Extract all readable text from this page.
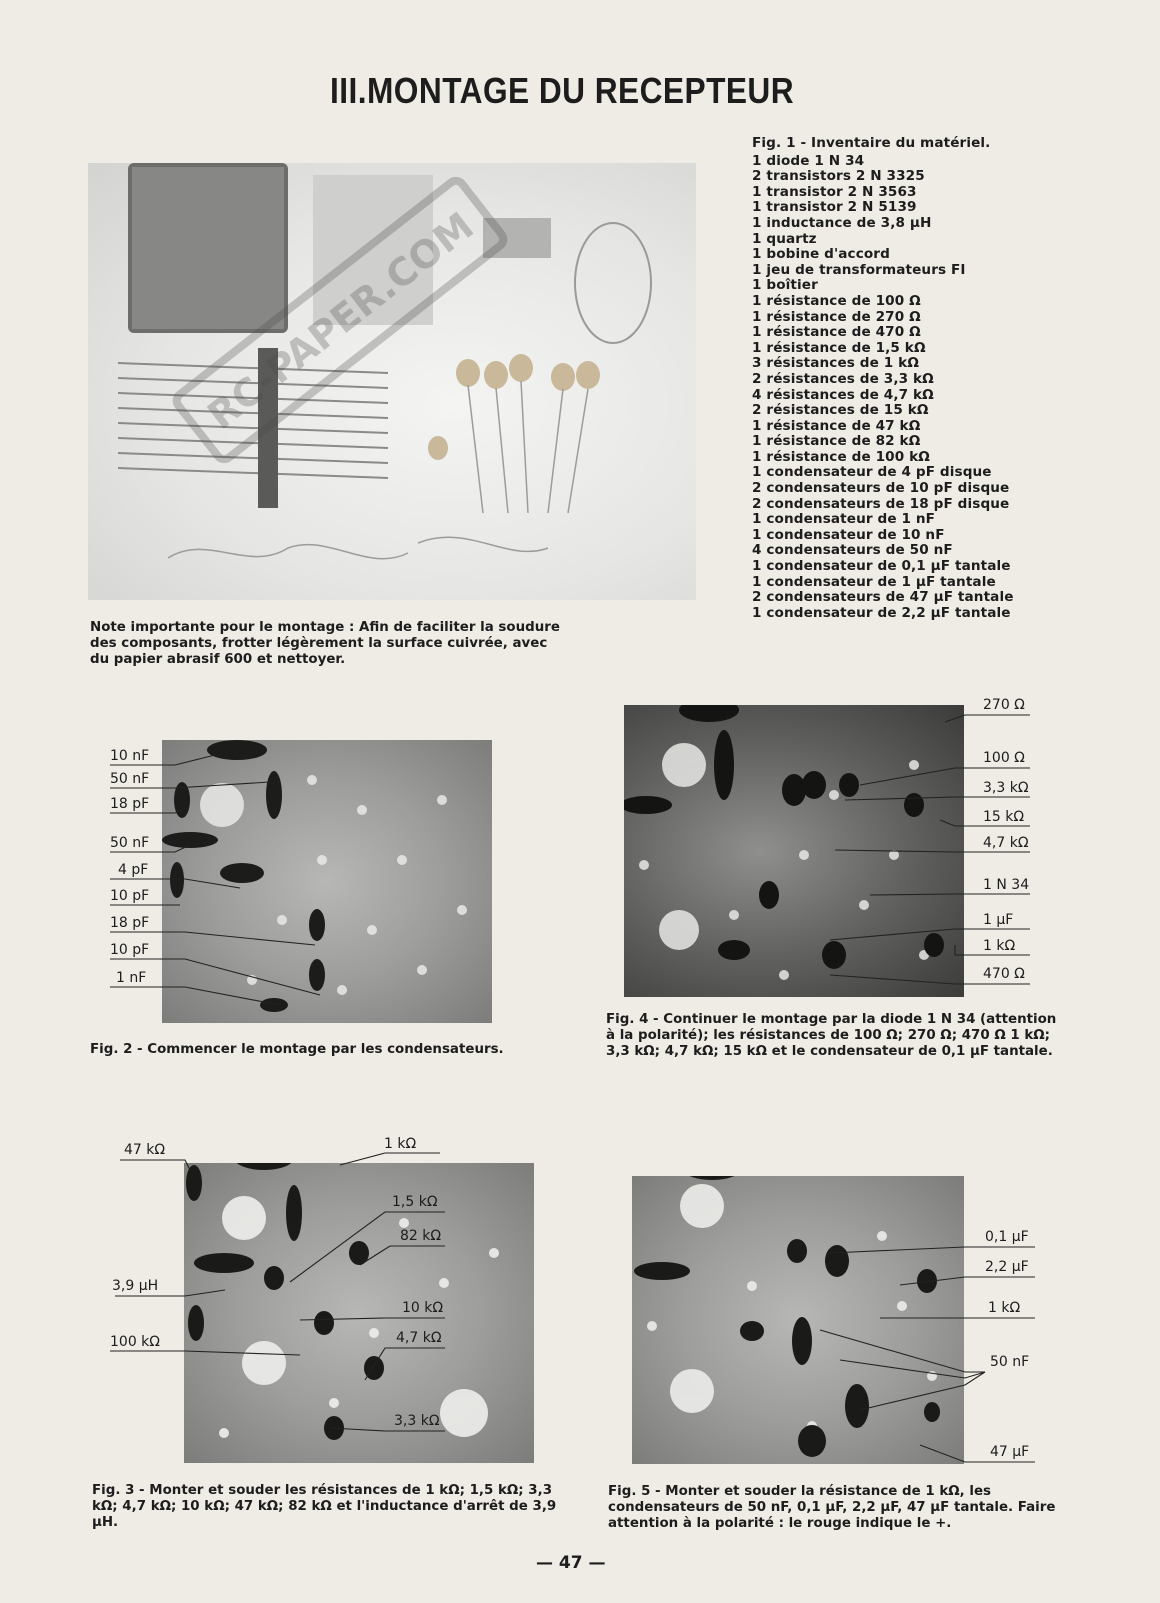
III.MONTAGE DU RECEPTEUR
RC-PAPER.COM
Fig. 1 - Inventaire du matériel.
1 diode 1 N 34
2 transistors 2 N 3325
1 transistor 2 N 3563
1 transistor 2 N 5139
1 inductance de 3,8 µH
1 quartz
1 bobine d'accord
1 jeu de transformateurs FI
1 boîtier
1 résistance de 100 Ω
1 résistance de 270 Ω
1 résistance de 470 Ω
1 résistance de 1,5 kΩ
3 résistances de 1 kΩ
2 résistances de 3,3 kΩ
4 résistances de 4,7 kΩ
2 résistances de 15 kΩ
1 résistance de 47 kΩ
1 résistance de 82 kΩ
1 résistance de 100 kΩ
1 condensateur de 4 pF disque
2 condensateurs de 10 pF disque
2 condensateurs de 18 pF disque
1 condensateur de 1 nF
1 condensateur de 10 nF
4 condensateurs de 50 nF
1 condensateur de 0,1 µF tantale
1 condensateur de 1 µF tantale
2 condensateurs de 47 µF tantale
1 condensateur de 2,2 µF tantale
Note importante pour le montage : Afin de faciliter la soudure des composants, frotter légèrement la surface cuivrée, avec du papier abrasif 600 et nettoyer.
10 nF
50 nF
18 pF
50 nF
4 pF
10 pF
18 pF
10 pF
1 nF
Fig. 2 - Commencer le montage par les condensateurs.
270 Ω
100 Ω
3,3 kΩ
15 kΩ
4,7 kΩ
1 N 34
1 µF
1 kΩ
470 Ω
Fig. 4 - Continuer le montage par la diode 1 N 34 (attention à la polarité); les résistances de 100 Ω; 270 Ω; 470 Ω 1 kΩ; 3,3 kΩ; 4,7 kΩ; 15 kΩ et le condensateur de 0,1 µF tantale.
47 kΩ	1 kΩ
1,5 kΩ
82 kΩ
3,9 µH
10 kΩ
100 kΩ	4,7 kΩ
3,3 kΩ
Fig. 3 - Monter et souder les résistances de 1 kΩ; 1,5 kΩ; 3,3 kΩ; 4,7 kΩ; 10 kΩ; 47 kΩ; 82 kΩ et l'inductance d'arrêt de 3,9 µH.
0,1 µF
2,2 µF
1 kΩ
50 nF
47 µF
Fig. 5 - Monter et souder la résistance de 1 kΩ, les condensateurs de 50 nF, 0,1 µF, 2,2 µF, 47 µF tantale. Faire attention à la polarité : le rouge indique le +.
— 47 —
